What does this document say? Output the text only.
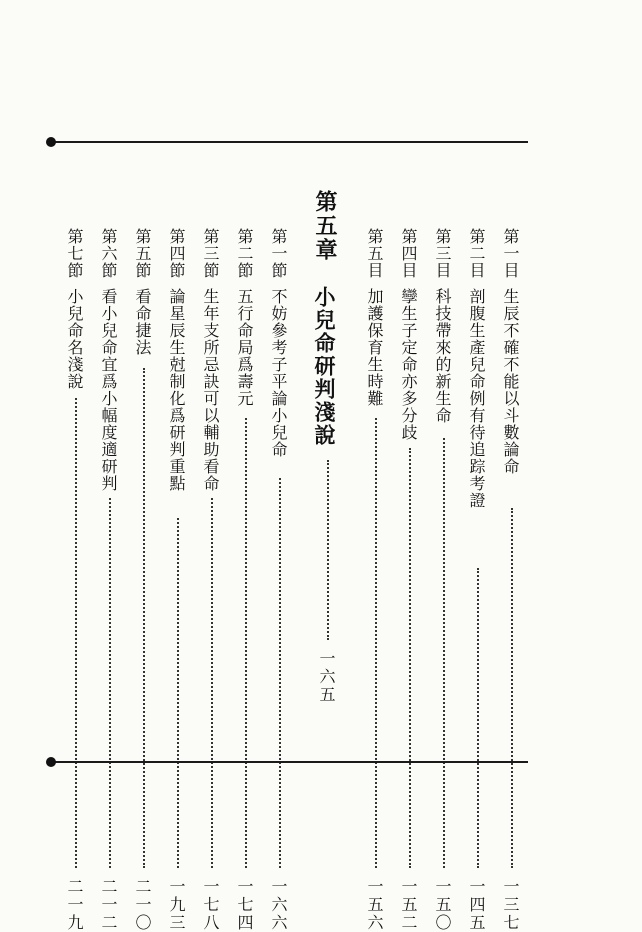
第一目
生辰不確不能以斗數論命
一三七
第二目
剖腹生產兒命例有待追踪考證
一四五
第三目
科技帶來的新生命
一五〇
第四目
孿生子定命亦多分歧
一五二
第五目
加護保育生時難
一五六
第五章
小兒命研判淺說
一六五
第一節
不妨參考子平論小兒命
一六六
第二節
五行命局爲壽元
一七四
第三節
生年支所忌訣可以輔助看命
一七八
第四節
論星辰生尅制化爲研判重點
一九三
第五節
看命捷法
二一〇
第六節
看小兒命宜爲小幅度適研判
二一二
第七節
小兒命名淺說
二一九
